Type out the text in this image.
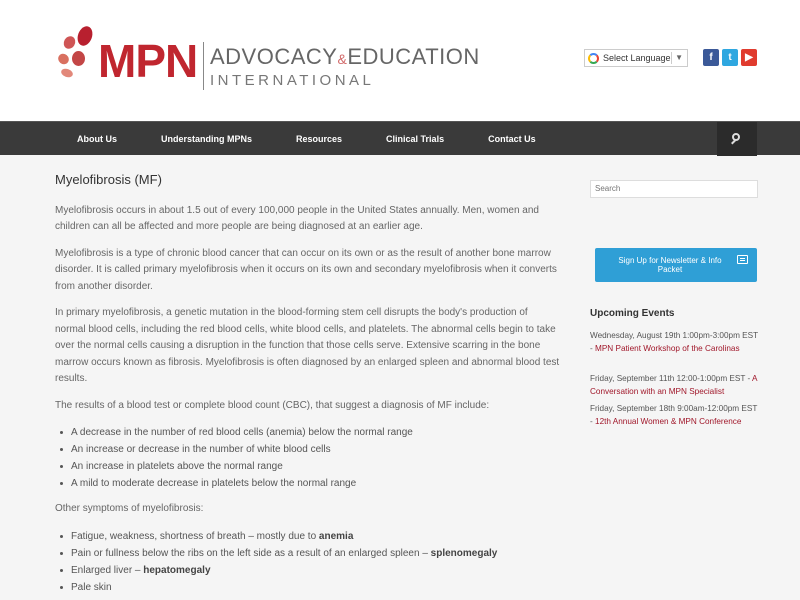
MPN ADVOCACY&EDUCATION
INTERNATIONAL
Select Language ▼	f	t	▶
About Us	Understanding MPNs	Resources	Clinical Trials	Contact Us
Myelofibrosis (MF)

Myelofibrosis occurs in about 1.5 out of every 100,000 people in the United States annually. Men, women and children can all be affected and more people are being diagnosed at an earlier age.

Myelofibrosis is a type of chronic blood cancer that can occur on its own or as the result of another bone marrow disorder. It is called primary myelofibrosis when it occurs on its own and secondary myelofibrosis when it converts from another disorder.

In primary myelofibrosis, a genetic mutation in the blood-forming stem cell disrupts the body's production of normal blood cells, including the red blood cells, white blood cells, and platelets. The abnormal cells begin to take over the normal cells causing a disruption in the function that those cells serve. Extensive scarring in the bone marrow occurs known as fibrosis. Myelofibrosis is often diagnosed by an enlarged spleen and abnormal blood test results.

The results of a blood test or complete blood count (CBC), that suggest a diagnosis of MF include:

A decrease in the number of red blood cells (anemia) below the normal range
An increase or decrease in the number of white blood cells
An increase in platelets above the normal range
A mild to moderate decrease in platelets below the normal range

Other symptoms of myelofibrosis:

Fatigue, weakness, shortness of breath – mostly due to anemia
Pain or fullness below the ribs on the left side as a result of an enlarged spleen – splenomegaly
Enlarged liver – hepatomegaly
Pale skin
Search
Sign Up for Newsletter & Info Packet
Upcoming Events
Wednesday, August 19th 1:00pm-3:00pm EST - MPN Patient Workshop of the Carolinas
Friday, September 11th 12:00-1:00pm EST - A Conversation with an MPN Specialist
Friday, September 18th 9:00am-12:00pm EST - 12th Annual Women & MPN Conference
